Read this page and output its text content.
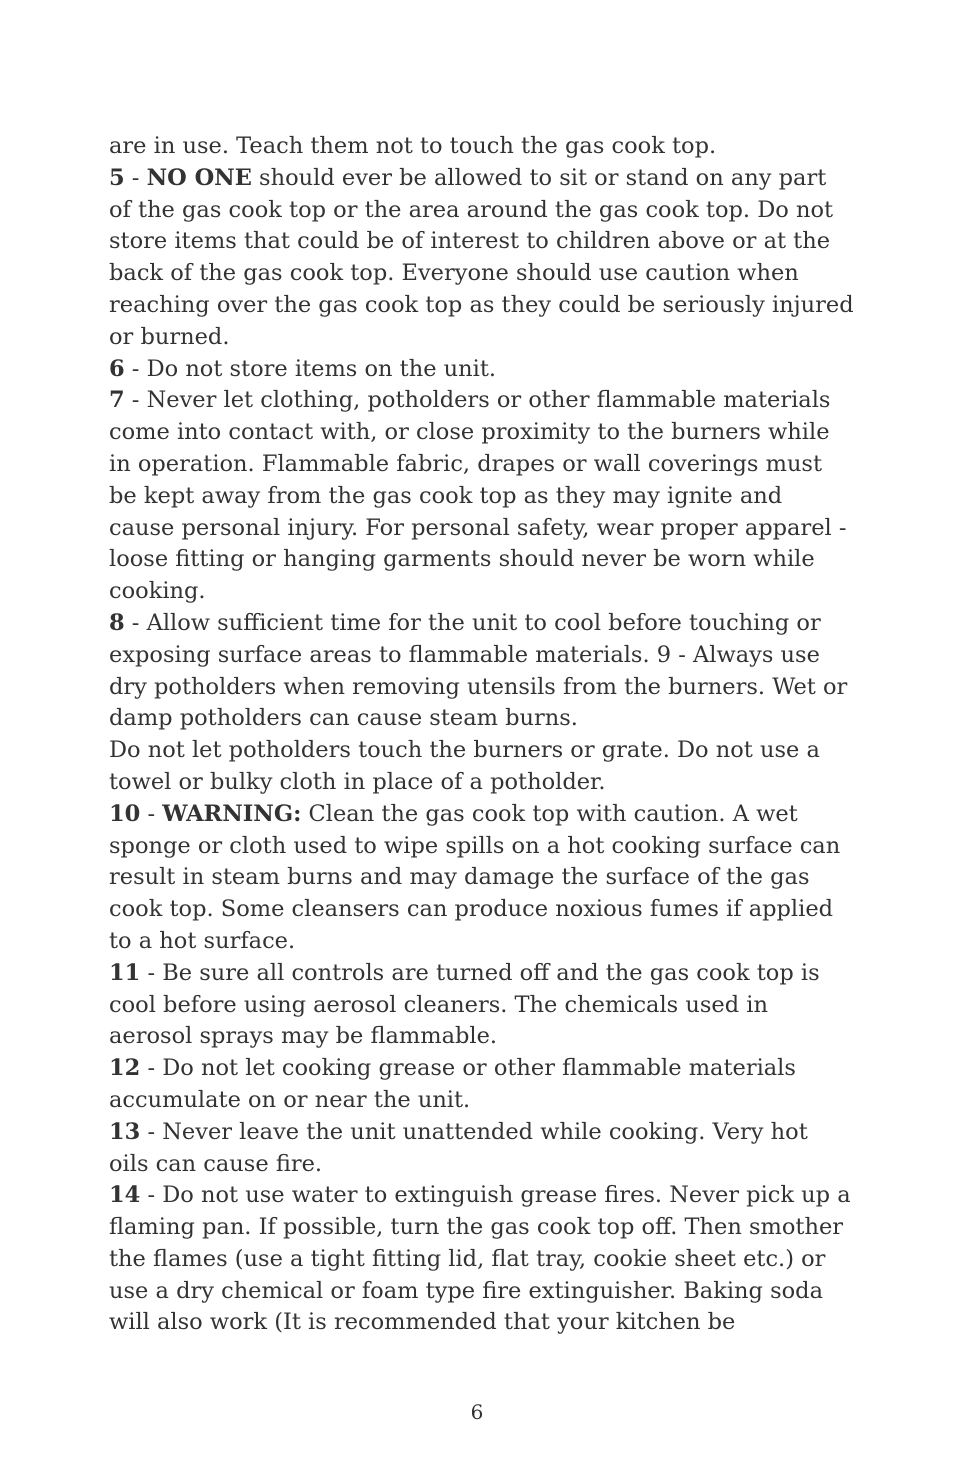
are in use. Teach them not to touch the gas cook top.

5 - NO ONE should ever be allowed to sit or stand on any part of the gas cook top or the area around the gas cook top. Do not store items that could be of interest to children above or at the back of the gas cook top. Everyone should use caution when reaching over the gas cook top as they could be seriously injured or burned.

6 - Do not store items on the unit.

7 - Never let clothing, potholders or other flammable materials come into contact with, or close proximity to the burners while in operation. Flammable fabric, drapes or wall coverings must be kept away from the gas cook top as they may ignite and cause personal injury. For personal safety, wear proper apparel - loose fitting or hanging garments should never be worn while cooking.

8 - Allow sufficient time for the unit to cool before touching or exposing surface areas to flammable materials. 9 - Always use dry potholders when removing utensils from the burners. Wet or damp potholders can cause steam burns.

Do not let potholders touch the burners or grate. Do not use a towel or bulky cloth in place of a potholder.

10 - WARNING: Clean the gas cook top with caution. A wet sponge or cloth used to wipe spills on a hot cooking surface can result in steam burns and may damage the surface of the gas cook top. Some cleansers can produce noxious fumes if applied to a hot surface.

11 - Be sure all controls are turned off and the gas cook top is cool before using aerosol cleaners. The chemicals used in aerosol sprays may be flammable.

12 - Do not let cooking grease or other flammable materials accumulate on or near the unit.

13 - Never leave the unit unattended while cooking. Very hot oils can cause fire.

14 - Do not use water to extinguish grease fires. Never pick up a flaming pan. If possible, turn the gas cook top off. Then smother the flames (use a tight fitting lid, flat tray, cookie sheet etc.) or use a dry chemical or foam type fire extinguisher. Baking soda will also work (It is recommended that your kitchen be

6
